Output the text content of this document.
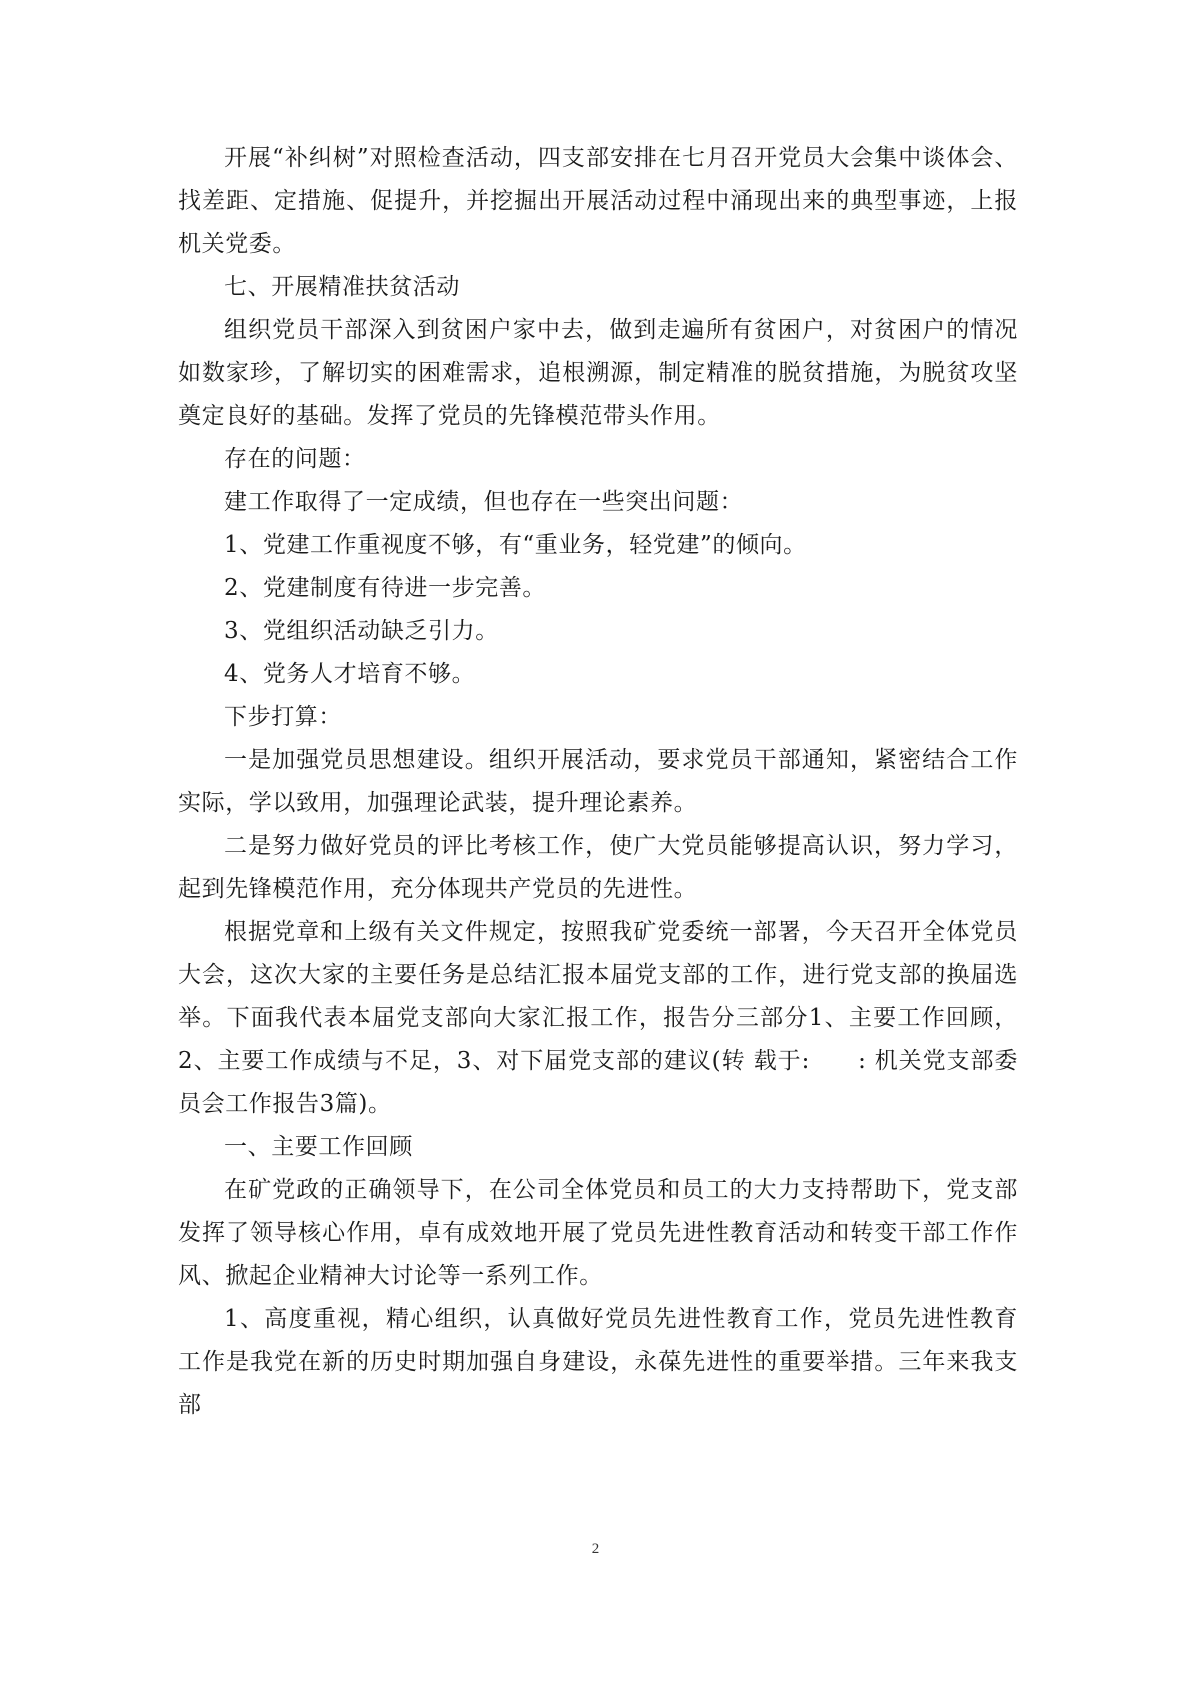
开展“补纠树”对照检查活动，四支部安排在七月召开党员大会集中谈体会、找差距、定措施、促提升，并挖掘出开展活动过程中涌现出来的典型事迹，上报机关党委。

七、开展精准扶贫活动

组织党员干部深入到贫困户家中去，做到走遍所有贫困户，对贫困户的情况如数家珍，了解切实的困难需求，追根溯源，制定精准的脱贫措施，为脱贫攻坚奠定良好的基础。发挥了党员的先锋模范带头作用。

存在的问题：

建工作取得了一定成绩，但也存在一些突出问题：

1、党建工作重视度不够，有“重业务，轻党建”的倾向。

2、党建制度有待进一步完善。

3、党组织活动缺乏引力。

4、党务人才培育不够。

下步打算：

一是加强党员思想建设。组织开展活动，要求党员干部通知，紧密结合工作实际，学以致用，加强理论武装，提升理论素养。

二是努力做好党员的评比考核工作，使广大党员能够提高认识，努力学习，起到先锋模范作用，充分体现共产党员的先进性。

根据党章和上级有关文件规定，按照我矿党委统一部署，今天召开全体党员大会，这次大家的主要任务是总结汇报本届党支部的工作，进行党支部的换届选举。下面我代表本届党支部向大家汇报工作，报告分三部分1、主要工作回顾，2、主要工作成绩与不足，3、对下届党支部的建议(转 载于:　　: 机关党支部委员会工作报告3篇)。

一、主要工作回顾

在矿党政的正确领导下，在公司全体党员和员工的大力支持帮助下，党支部发挥了领导核心作用，卓有成效地开展了党员先进性教育活动和转变干部工作作风、掀起企业精神大讨论等一系列工作。

1、高度重视，精心组织，认真做好党员先进性教育工作，党员先进性教育工作是我党在新的历史时期加强自身建设，永葆先进性的重要举措。三年来我支部

2
